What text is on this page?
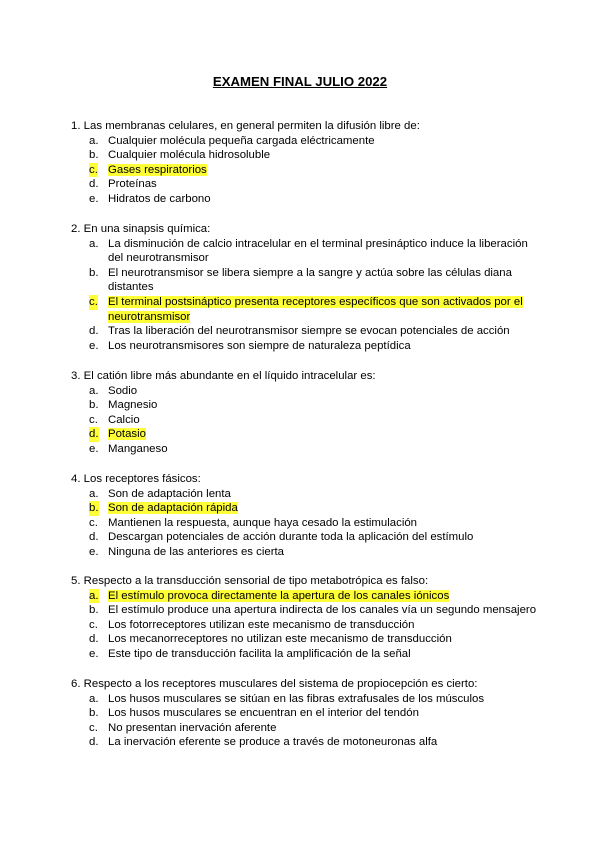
EXAMEN FINAL JULIO 2022

1. Las membranas celulares, en general permiten la difusión libre de:

a. Cualquier molécula pequeña cargada eléctricamente
b. Cualquier molécula hidrosoluble
c. Gases respiratorios
d. Proteínas
e. Hidratos de carbono

2. En una sinapsis química:

a. La disminución de calcio intracelular en el terminal presináptico induce la liberación del neurotransmisor
b. El neurotransmisor se libera siempre a la sangre y actúa sobre las células diana distantes
c. El terminal postsináptico presenta receptores específicos que son activados por el neurotransmisor
d. Tras la liberación del neurotransmisor siempre se evocan potenciales de acción
e. Los neurotransmisores son siempre de naturaleza peptídica

3. El catión libre más abundante en el líquido intracelular es:

a. Sodio
b. Magnesio
c. Calcio
d. Potasio
e. Manganeso

4. Los receptores fásicos:

a. Son de adaptación lenta
b. Son de adaptación rápida
c. Mantienen la respuesta, aunque haya cesado la estimulación
d. Descargan potenciales de acción durante toda la aplicación del estímulo
e. Ninguna de las anteriores es cierta

5. Respecto a la transducción sensorial de tipo metabotrópica es falso:

a. El estímulo provoca directamente la apertura de los canales iónicos
b. El estímulo produce una apertura indirecta de los canales vía un segundo mensajero
c. Los fotorreceptores utilizan este mecanismo de transducción
d. Los mecanorreceptores no utilizan este mecanismo de transducción
e. Este tipo de transducción facilita la amplificación de la señal

6. Respecto a los receptores musculares del sistema de propiocepción es cierto:

a. Los husos musculares se sitúan en las fibras extrafusales de los músculos
b. Los husos musculares se encuentran en el interior del tendón
c. No presentan inervación aferente
d. La inervación eferente se produce a través de motoneuronas alfa
